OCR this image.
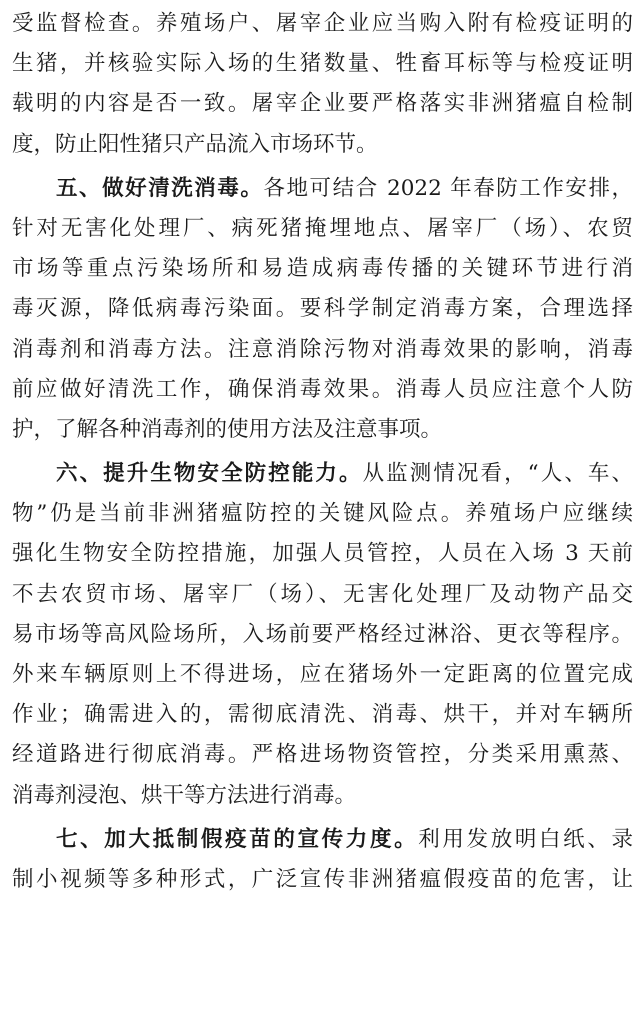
受监督检查。养殖场户、屠宰企业应当购入附有检疫证明的
生猪，并核验实际入场的生猪数量、牲畜耳标等与检疫证明
载明的内容是否一致。屠宰企业要严格落实非洲猪瘟自检制
度，防止阳性猪只产品流入市场环节。
五、做好清洗消毒。各地可结合 2022 年春防工作安排，
针对无害化处理厂、病死猪掩埋地点、屠宰厂（场）、农贸
市场等重点污染场所和易造成病毒传播的关键环节进行消
毒灭源，降低病毒污染面。要科学制定消毒方案，合理选择
消毒剂和消毒方法。注意消除污物对消毒效果的影响，消毒
前应做好清洗工作，确保消毒效果。消毒人员应注意个人防
护，了解各种消毒剂的使用方法及注意事项。
六、提升生物安全防控能力。从监测情况看，“人、车、
物”仍是当前非洲猪瘟防控的关键风险点。养殖场户应继续
强化生物安全防控措施，加强人员管控，人员在入场 3 天前
不去农贸市场、屠宰厂（场）、无害化处理厂及动物产品交
易市场等高风险场所，入场前要严格经过淋浴、更衣等程序。
外来车辆原则上不得进场，应在猪场外一定距离的位置完成
作业；确需进入的，需彻底清洗、消毒、烘干，并对车辆所
经道路进行彻底消毒。严格进场物资管控，分类采用熏蒸、
消毒剂浸泡、烘干等方法进行消毒。
七、加大抵制假疫苗的宣传力度。利用发放明白纸、录
制小视频等多种形式，广泛宣传非洲猪瘟假疫苗的危害，让
